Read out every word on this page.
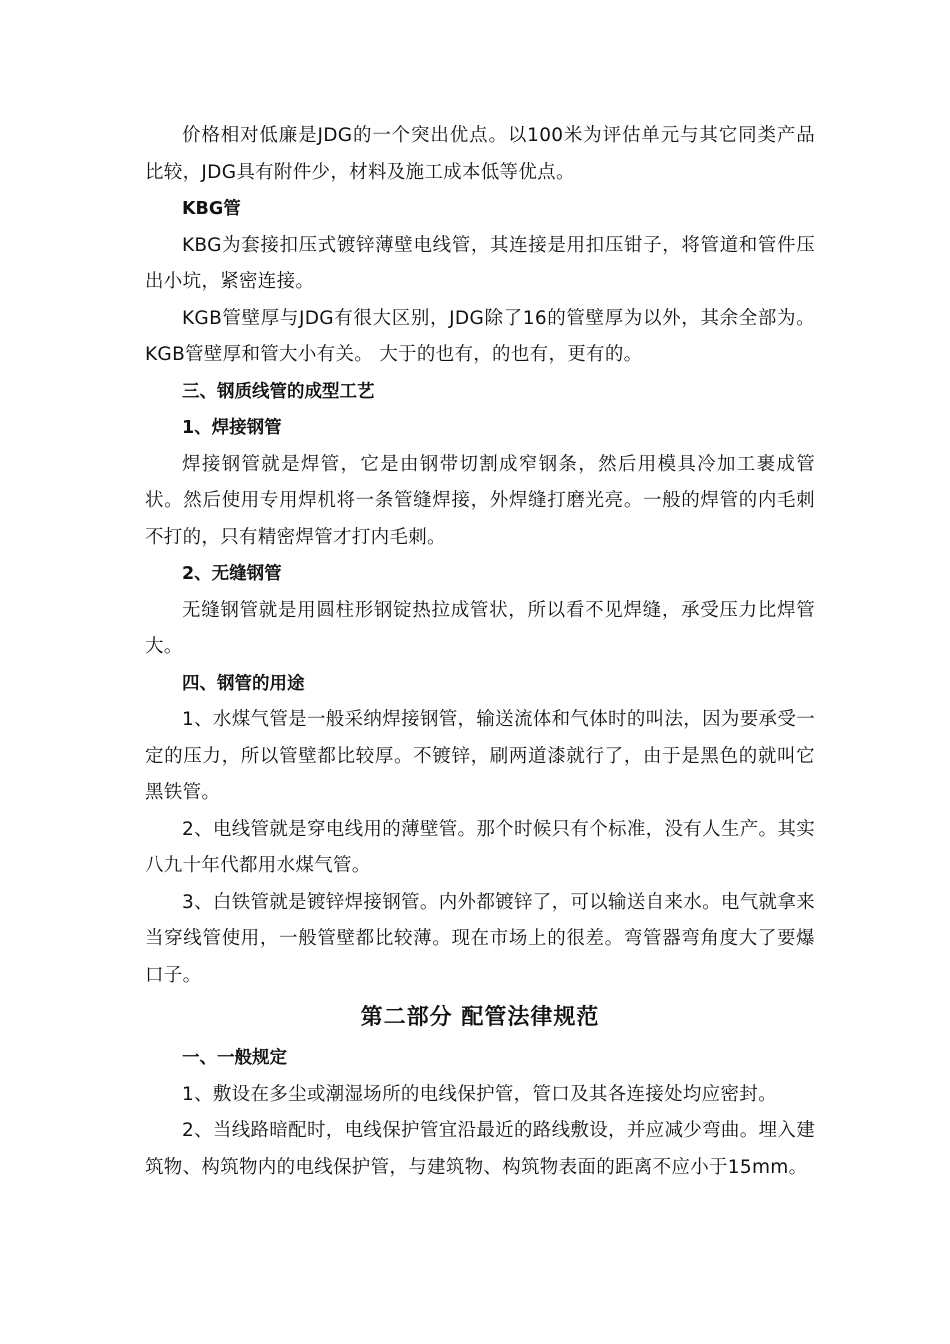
价格相对低廉是JDG的一个突出优点。以100米为评估单元与其它同类产品比较，JDG具有附件少，材料及施工成本低等优点。

KBG管

KBG为套接扣压式镀锌薄壁电线管，其连接是用扣压钳子，将管道和管件压出小坑，紧密连接。

KGB管壁厚与JDG有很大区别，JDG除了16的管壁厚为以外，其余全部为。KGB管壁厚和管大小有关。 大于的也有，的也有，更有的。

三、钢质线管的成型工艺
1、焊接钢管

焊接钢管就是焊管，它是由钢带切割成窄钢条，然后用模具冷加工裹成管状。然后使用专用焊机将一条管缝焊接，外焊缝打磨光亮。一般的焊管的内毛刺不打的，只有精密焊管才打内毛刺。

2、无缝钢管

无缝钢管就是用圆柱形钢锭热拉成管状，所以看不见焊缝，承受压力比焊管大。

四、钢管的用途

1、水煤气管是一般采纳焊接钢管，输送流体和气体时的叫法，因为要承受一定的压力，所以管壁都比较厚。不镀锌，刷两道漆就行了，由于是黑色的就叫它黑铁管。

2、电线管就是穿电线用的薄壁管。那个时候只有个标准，没有人生产。其实八九十年代都用水煤气管。

3、白铁管就是镀锌焊接钢管。内外都镀锌了，可以输送自来水。电气就拿来当穿线管使用，一般管壁都比较薄。现在市场上的很差。弯管器弯角度大了要爆口子。

第二部分 配管法律规范
一、一般规定

1、敷设在多尘或潮湿场所的电线保护管，管口及其各连接处均应密封。

2、当线路暗配时，电线保护管宜沿最近的路线敷设，并应减少弯曲。埋入建筑物、构筑物内的电线保护管，与建筑物、构筑物表面的距离不应小于15mm。
